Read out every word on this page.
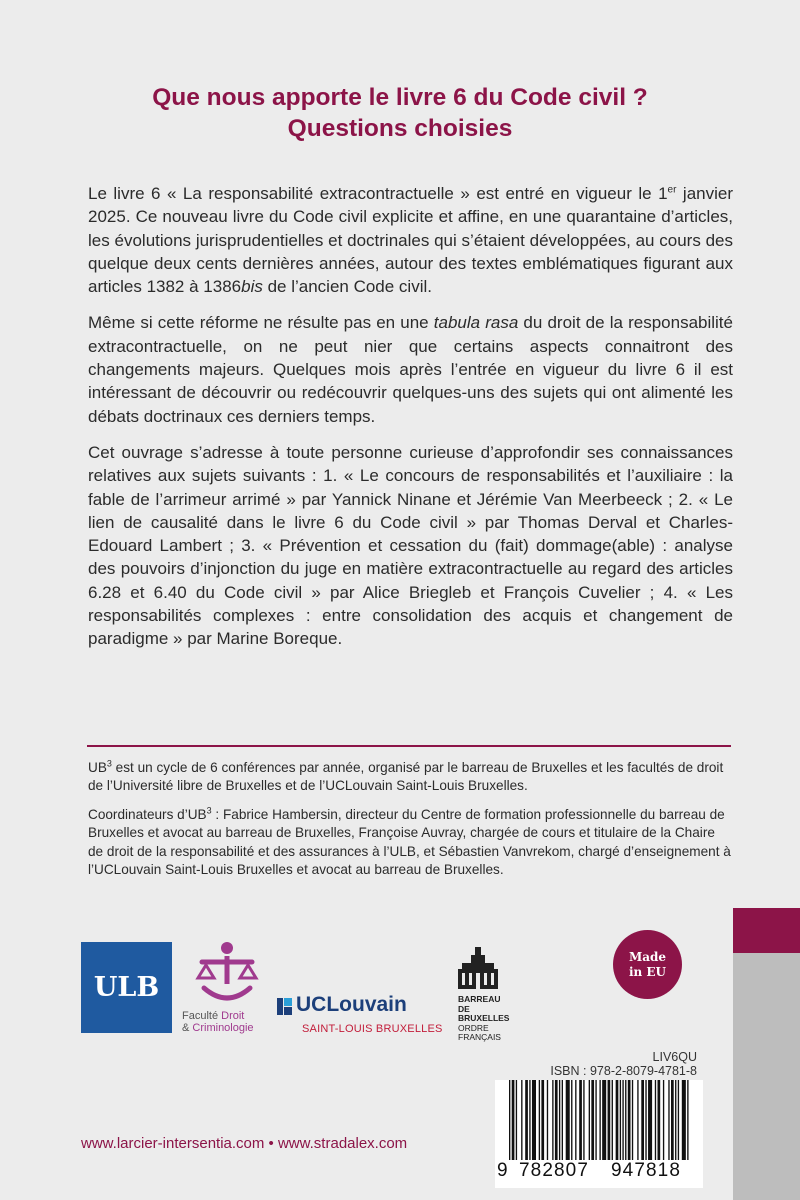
Que nous apporte le livre 6 du Code civil ?
Questions choisies

Le livre 6 « La responsabilité extracontractuelle » est entré en vigueur le 1er janvier 2025. Ce nouveau livre du Code civil explicite et affine, en une quarantaine d’articles, les évolutions jurisprudentielles et doctrinales qui s’étaient développées, au cours des quelque deux cents dernières années, autour des textes emblématiques figurant aux articles 1382 à 1386bis de l’ancien Code civil.

Même si cette réforme ne résulte pas en une tabula rasa du droit de la responsabilité extracontractuelle, on ne peut nier que certains aspects connaitront des changements majeurs. Quelques mois après l’entrée en vigueur du livre 6 il est intéressant de découvrir ou redécouvrir quelques-uns des sujets qui ont alimenté les débats doctrinaux ces derniers temps.

Cet ouvrage s’adresse à toute personne curieuse d’approfondir ses connaissances relatives aux sujets suivants : 1. « Le concours de responsabilités et l’auxiliaire : la fable de l’arrimeur arrimé » par Yannick Ninane et Jérémie Van Meerbeeck ; 2. « Le lien de causalité dans le livre 6 du Code civil » par Thomas Derval et Charles-Edouard Lambert ; 3. « Prévention et cessation du (fait) dommage(able) : analyse des pouvoirs d’injonction du juge en matière extracontractuelle au regard des articles 6.28 et 6.40 du Code civil » par Alice Briegleb et François Cuvelier ; 4. « Les responsabilités complexes : entre consolidation des acquis et changement de paradigme » par Marine Boreque.

$UB^3$ est un cycle de 6 conférences par année, organisé par le barreau de Bruxelles et les facultés de droit de l’Université libre de Bruxelles et de l’UCLouvain Saint-Louis Bruxelles.

Coordinateurs $d’UB^3$ : Fabrice Hambersin, directeur du Centre de formation professionnelle du barreau de Bruxelles et avocat au barreau de Bruxelles, Françoise Auvray, chargée de cours et titulaire de la Chaire de droit de la responsabilité et des assurances à l’ULB, et Sébastien Vanvrekom, chargé d’enseignement à l’UCLouvain Saint-Louis Bruxelles et avocat au barreau de Bruxelles.

ULB
Faculté Droit
& Criminologie
UCLouvain
SAINT-LOUIS BRUXELLES
BARREAU
DE
BRUXELLES
ORDRE
FRANÇAIS
Made
in EU
LIV6QU
ISBN : 978-2-8079-4781-8
9 782807 947818
www.larcier-intersentia.com • www.stradalex.com
